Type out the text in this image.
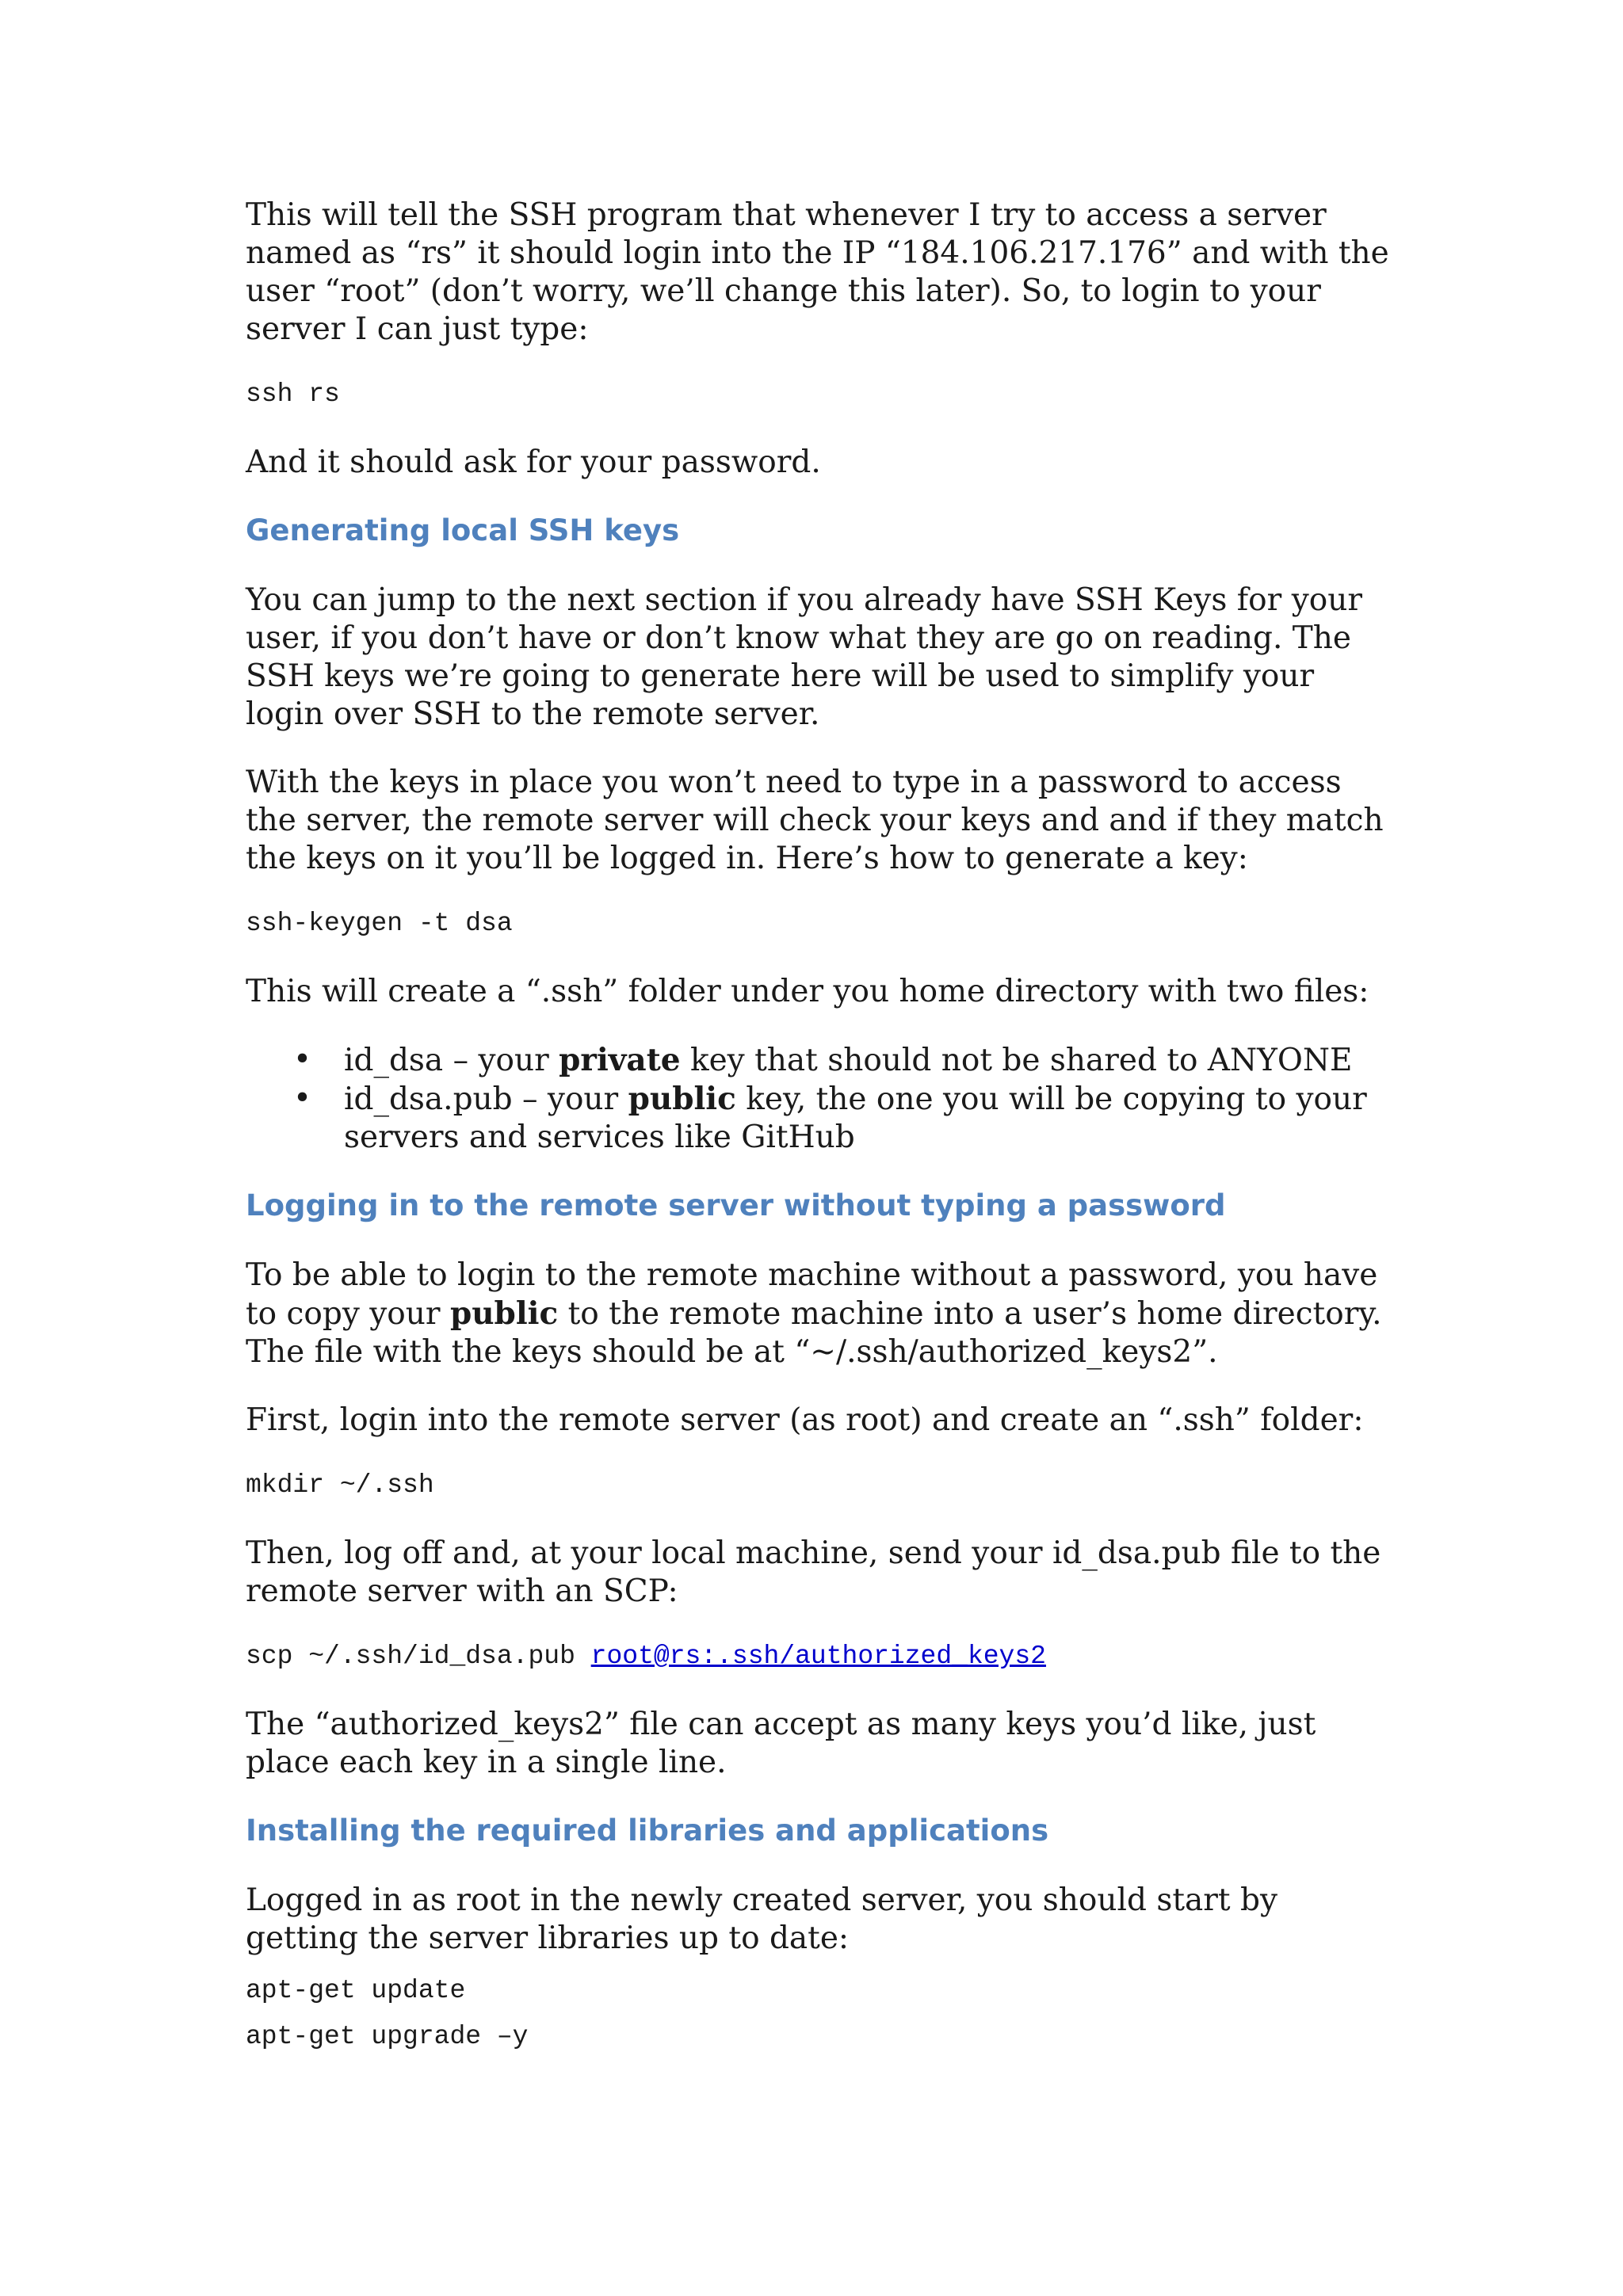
This will tell the SSH program that whenever I try to access a server named as “rs” it should login into the IP “184.106.217.176” and with the user “root” (don’t worry, we’ll change this later). So, to login to your server I can just type:

ssh rs

And it should ask for your password.

Generating local SSH keys

You can jump to the next section if you already have SSH Keys for your user, if you don’t have or don’t know what they are go on reading. The SSH keys we’re going to generate here will be used to simplify your login over SSH to the remote server.

With the keys in place you won’t need to type in a password to access the server, the remote server will check your keys and and if they match the keys on it you’ll be logged in. Here’s how to generate a key:

ssh-keygen -t dsa

This will create a “.ssh” folder under you home directory with two files:

• id_dsa – your private key that should not be shared to ANYONE
• id_dsa.pub – your public key, the one you will be copying to your servers and services like GitHub
Logging in to the remote server without typing a password

To be able to login to the remote machine without a password, you have to copy your public to the remote machine into a user’s home directory. The file with the keys should be at “~/.ssh/authorized_keys2”.

First, login into the remote server (as root) and create an “.ssh” folder:

mkdir ~/.ssh

Then, log off and, at your local machine, send your id_dsa.pub file to the remote server with an SCP:

scp ~/.ssh/id_dsa.pub root@rs:.ssh/authorized_keys2

The “authorized_keys2” file can accept as many keys you’d like, just place each key in a single line.

Installing the required libraries and applications

Logged in as root in the newly created server, you should start by getting the server libraries up to date:

apt-get update
apt-get upgrade –y
